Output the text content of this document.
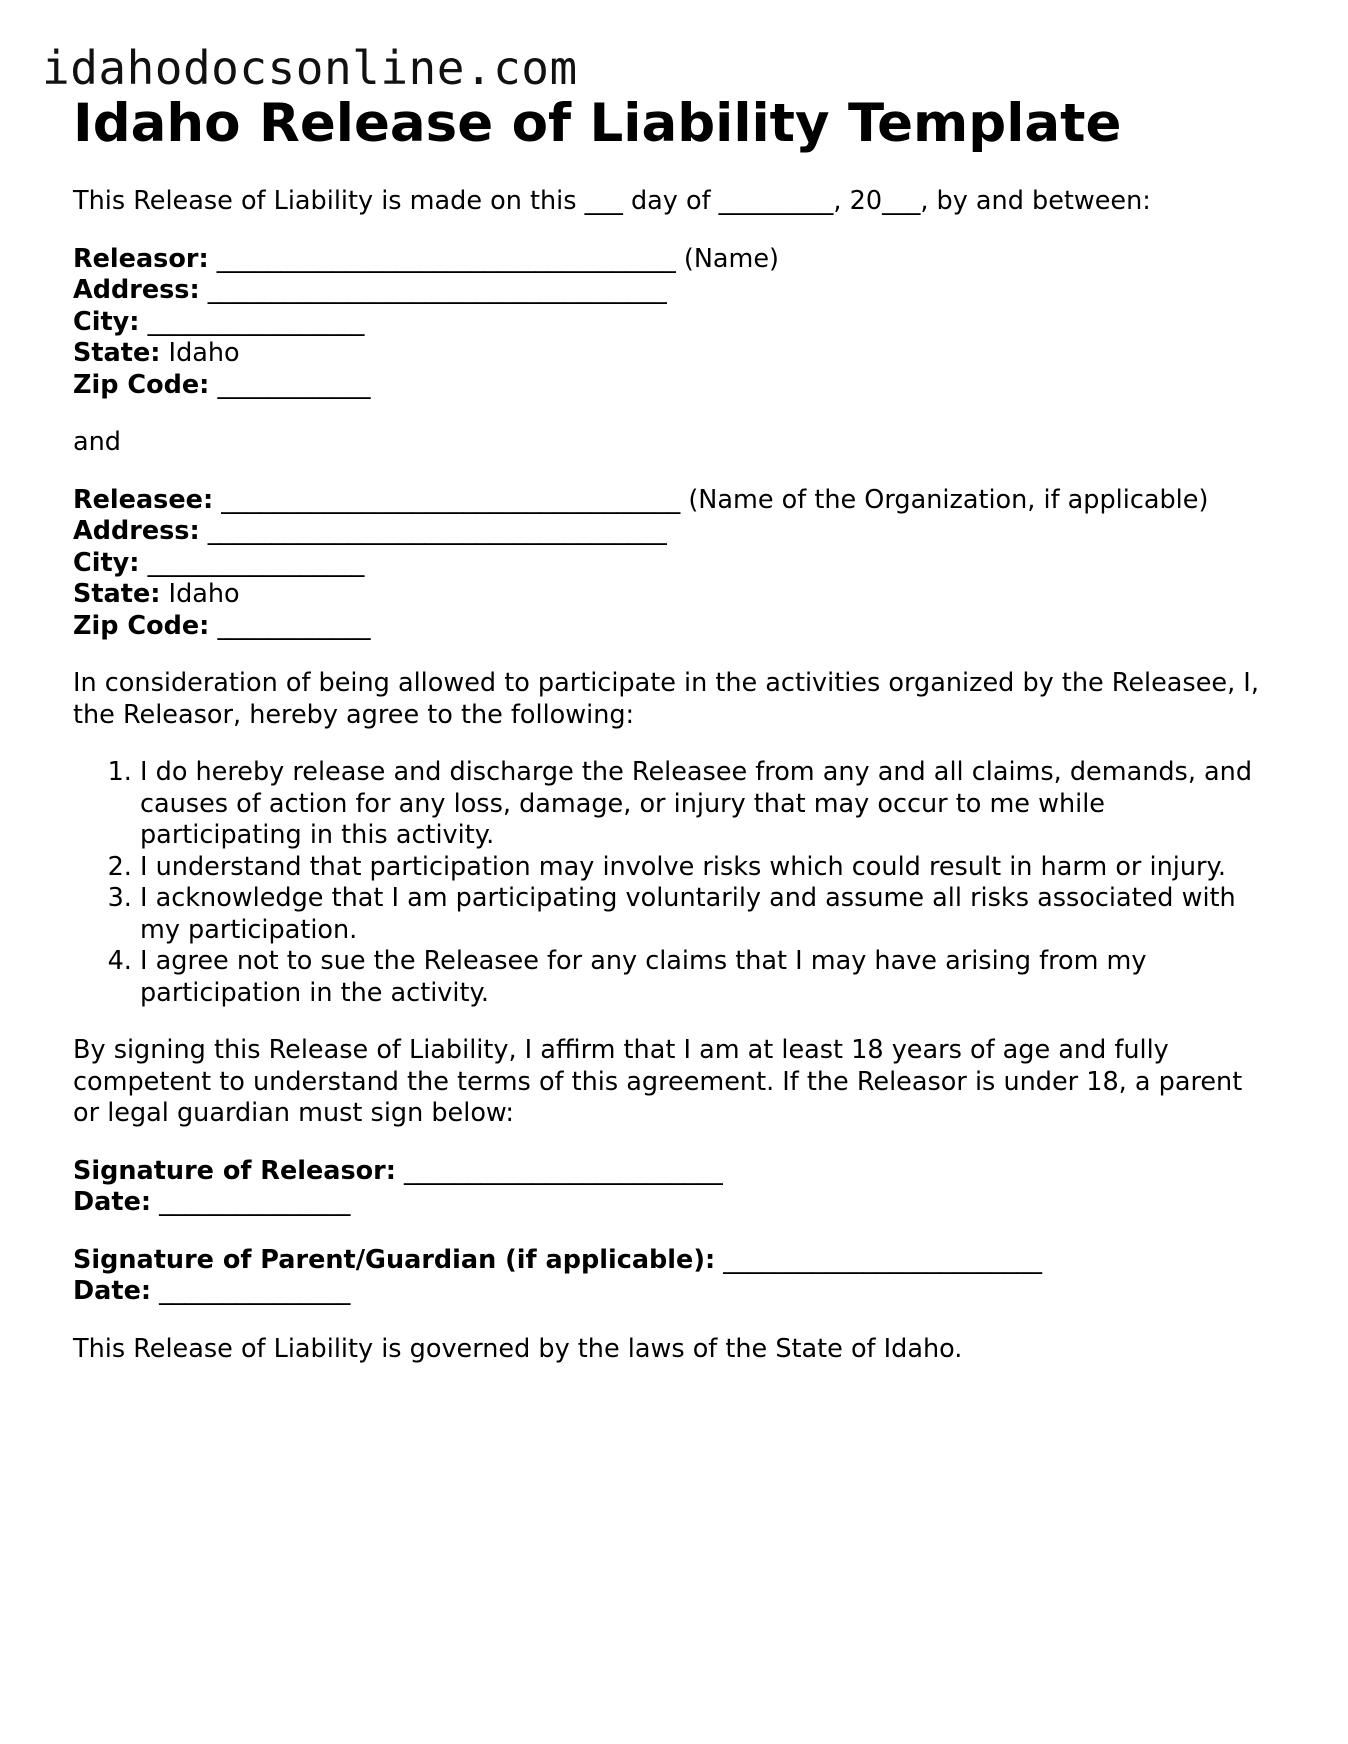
idahodocsonline.com
Idaho Release of Liability Template

This Release of Liability is made on this ___ day of _________, 20___, by and between:

Releasor: ____________________________________ (Name)
Address: ____________________________________
City: _________________
State: Idaho
Zip Code: ____________

and

Releasee: ____________________________________ (Name of the Organization, if applicable)
Address: ____________________________________
City: _________________
State: Idaho
Zip Code: ____________

In consideration of being allowed to participate in the activities organized by the Releasee, I, the Releasor, hereby agree to the following:

1. I do hereby release and discharge the Releasee from any and all claims, demands, and causes of action for any loss, damage, or injury that may occur to me while participating in this activity.
2. I understand that participation may involve risks which could result in harm or injury.
3. I acknowledge that I am participating voluntarily and assume all risks associated with my participation.
4. I agree not to sue the Releasee for any claims that I may have arising from my participation in the activity.

By signing this Release of Liability, I affirm that I am at least 18 years of age and fully competent to understand the terms of this agreement. If the Releasor is under 18, a parent or legal guardian must sign below:

Signature of Releasor: _________________________
Date: _______________
Signature of Parent/Guardian (if applicable): _________________________
Date: _______________

This Release of Liability is governed by the laws of the State of Idaho.
